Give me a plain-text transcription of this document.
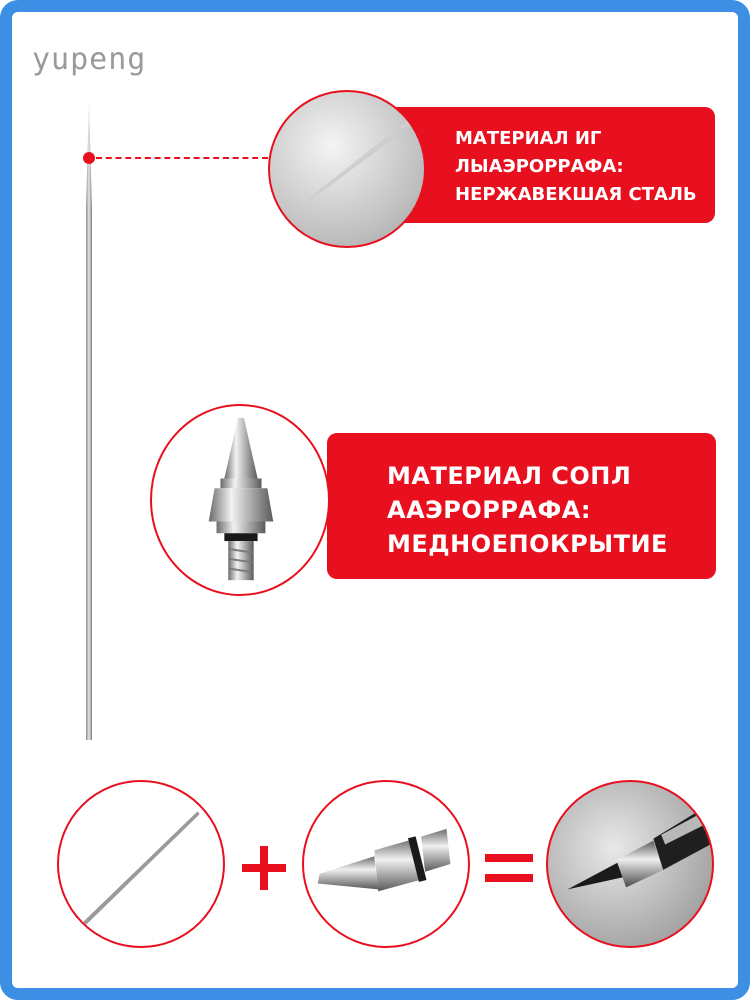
yupeng
МАТЕРИАЛ ИГ
ЛЫАЭРОРРАФА:
НЕРЖАВЕКШАЯ СТАЛЬ
МАТЕРИАЛ СОПЛ
ААЭРОРРАФА:
МЕДНОЕПОКРЫТИЕ
